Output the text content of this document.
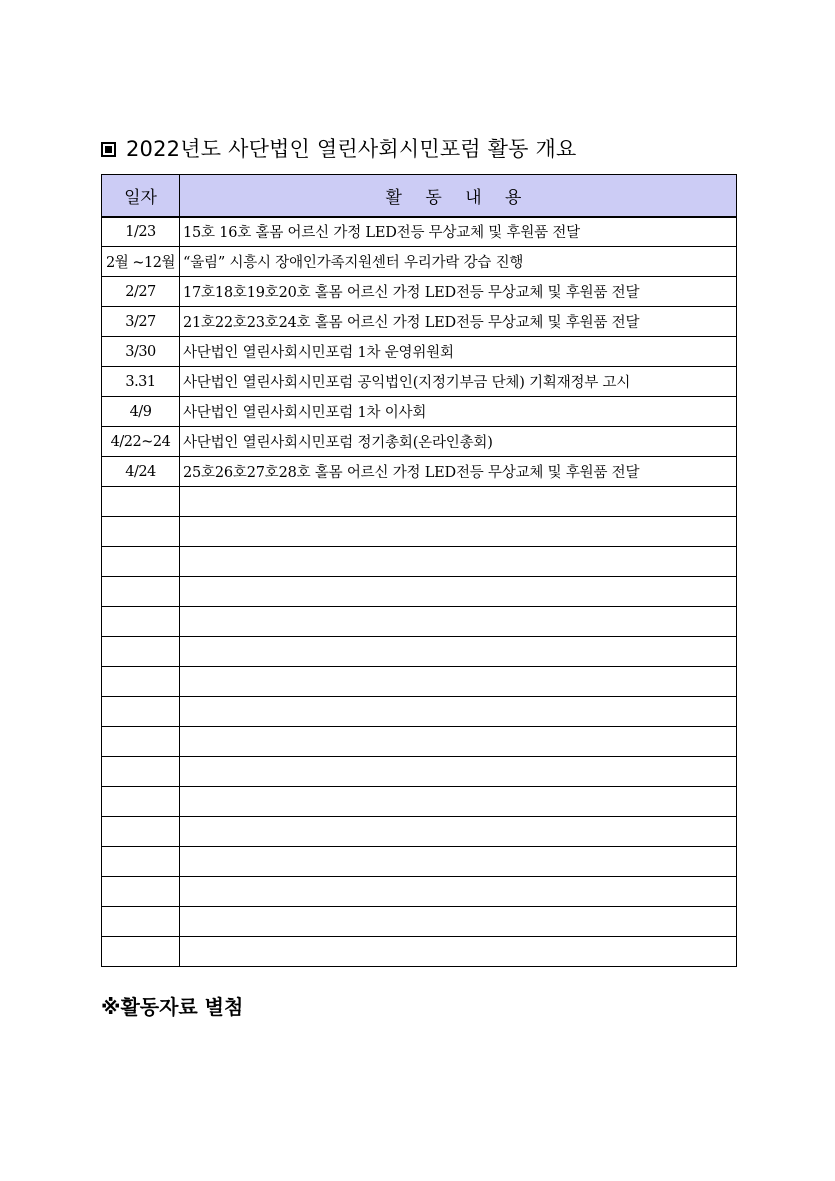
2022년도 사단법인 열린사회시민포럼 활동 개요
일자	활 동 내 용
1/23	15호 16호 홀몸 어르신 가정 LED전등 무상교체 및 후원품 전달
2월 ~12월	“울림” 시흥시 장애인가족지원센터 우리가락 강습 진행
2/27	17호18호19호20호 홀몸 어르신 가정 LED전등 무상교체 및 후원품 전달
3/27	21호22호23호24호 홀몸 어르신 가정 LED전등 무상교체 및 후원품 전달
3/30	사단법인 열린사회시민포럼 1차 운영위원회
3.31	사단법인 열린사회시민포럼 공익법인(지정기부금 단체) 기획재정부 고시
4/9	사단법인 열린사회시민포럼 1차 이사회
4/22~24	사단법인 열린사회시민포럼 정기총회(온라인총회)
4/24	25호26호27호28호 홀몸 어르신 가정 LED전등 무상교체 및 후원품 전달

※활동자료 별첨
